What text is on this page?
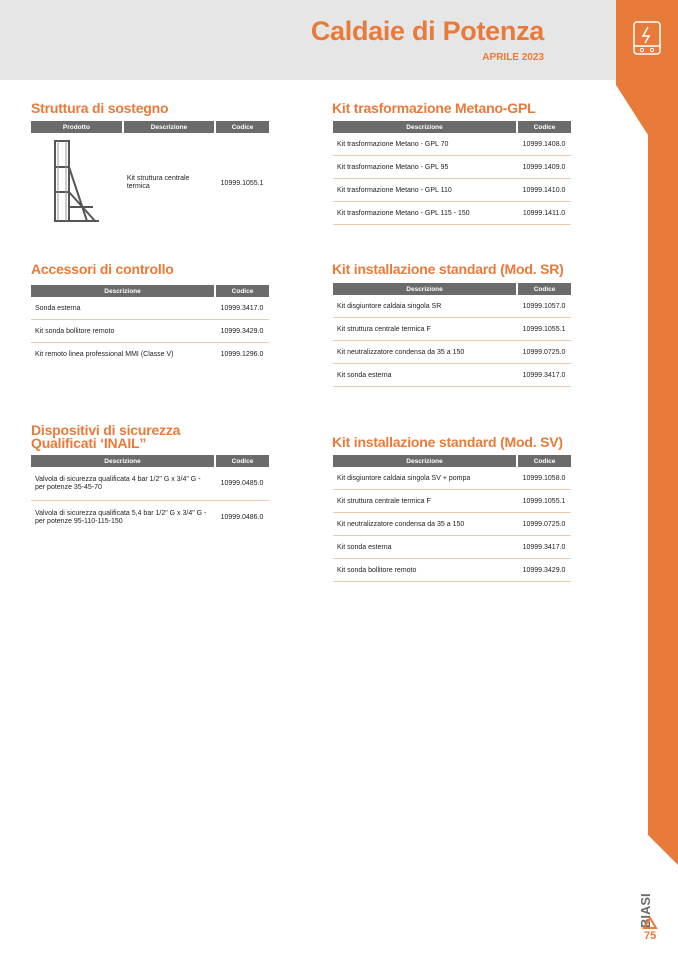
Caldaie di Potenza
APRILE 2023
BIASI
75
Struttura di sostegno
Prodotto	Descrizione	Codice

	Kit struttura centrale termica	10999.1055.1
Kit trasformazione Metano-GPL
Descrizione	Codice
Kit trasformazione Metano - GPL 70	10999.1408.0
Kit trasformazione Metano - GPL 95	10999.1409.0
Kit trasformazione Metano - GPL 110	10999.1410.0
Kit trasformazione Metano - GPL 115 - 150	10999.1411.0
Accessori di controllo
Descrizione	Codice
Sonda esterna	10999.3417.0
Kit sonda bollitore remoto	10999.3429.0
Kit remoto linea professional MMI (Classe V)	10999.1296.0
Kit installazione standard (Mod. SR)
Descrizione	Codice
Kit disgiuntore caldaia singola SR	10999.1057.0
Kit struttura centrale termica F	10999.1055.1
Kit neutralizzatore condensa da 35 a 150	10999.0725.0
Kit sonda esterna	10999.3417.0
Dispositivi di sicurezza
Qualificati ‘INAIL”
Descrizione	Codice

Valvola di sicurezza qualificata 4 bar 1/2" G x 3/4" G -
per potenze 35-45-70	10999.0485.0

Valvola di sicurezza qualificata 5,4 bar 1/2" G x 3/4" G -
per potenze 95-110-115-150	10999.0486.0
Kit installazione standard (Mod. SV)
Descrizione	Codice
Kit disgiuntore caldaia singola SV + pompa	10999.1058.0
Kit struttura centrale termica F	10999.1055.1
Kit neutralizzatore condensa da 35 a 150	10999.0725.0
Kit sonda esterna	10999.3417.0
Kit sonda bollitore remoto	10999.3429.0
